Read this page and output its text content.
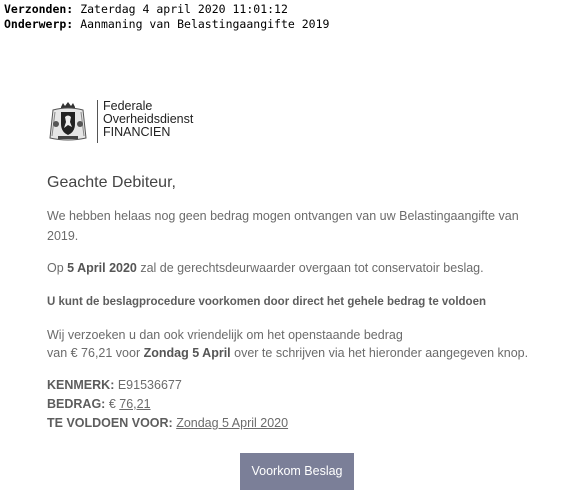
Verzonden: Zaterdag 4 april 2020 11:01:12
Onderwerp: Aanmaning van Belastingaangifte 2019
Federale
Overheidsdienst
FINANCIEN

Geachte Debiteur,

We hebben helaas nog geen bedrag mogen ontvangen van uw Belastingaangifte van 2019.

Op 5 April 2020 zal de gerechtsdeurwaarder overgaan tot conservatoir beslag.

U kunt de beslagprocedure voorkomen door direct het gehele bedrag te voldoen

Wij verzoeken u dan ook vriendelijk om het openstaande bedrag
van € 76,21 voor Zondag 5 April over te schrijven via het hieronder aangegeven knop.

KENMERK: E91536677
BEDRAG: € 76,21
TE VOLDOEN VOOR: Zondag 5 April 2020
Voorkom Beslag
